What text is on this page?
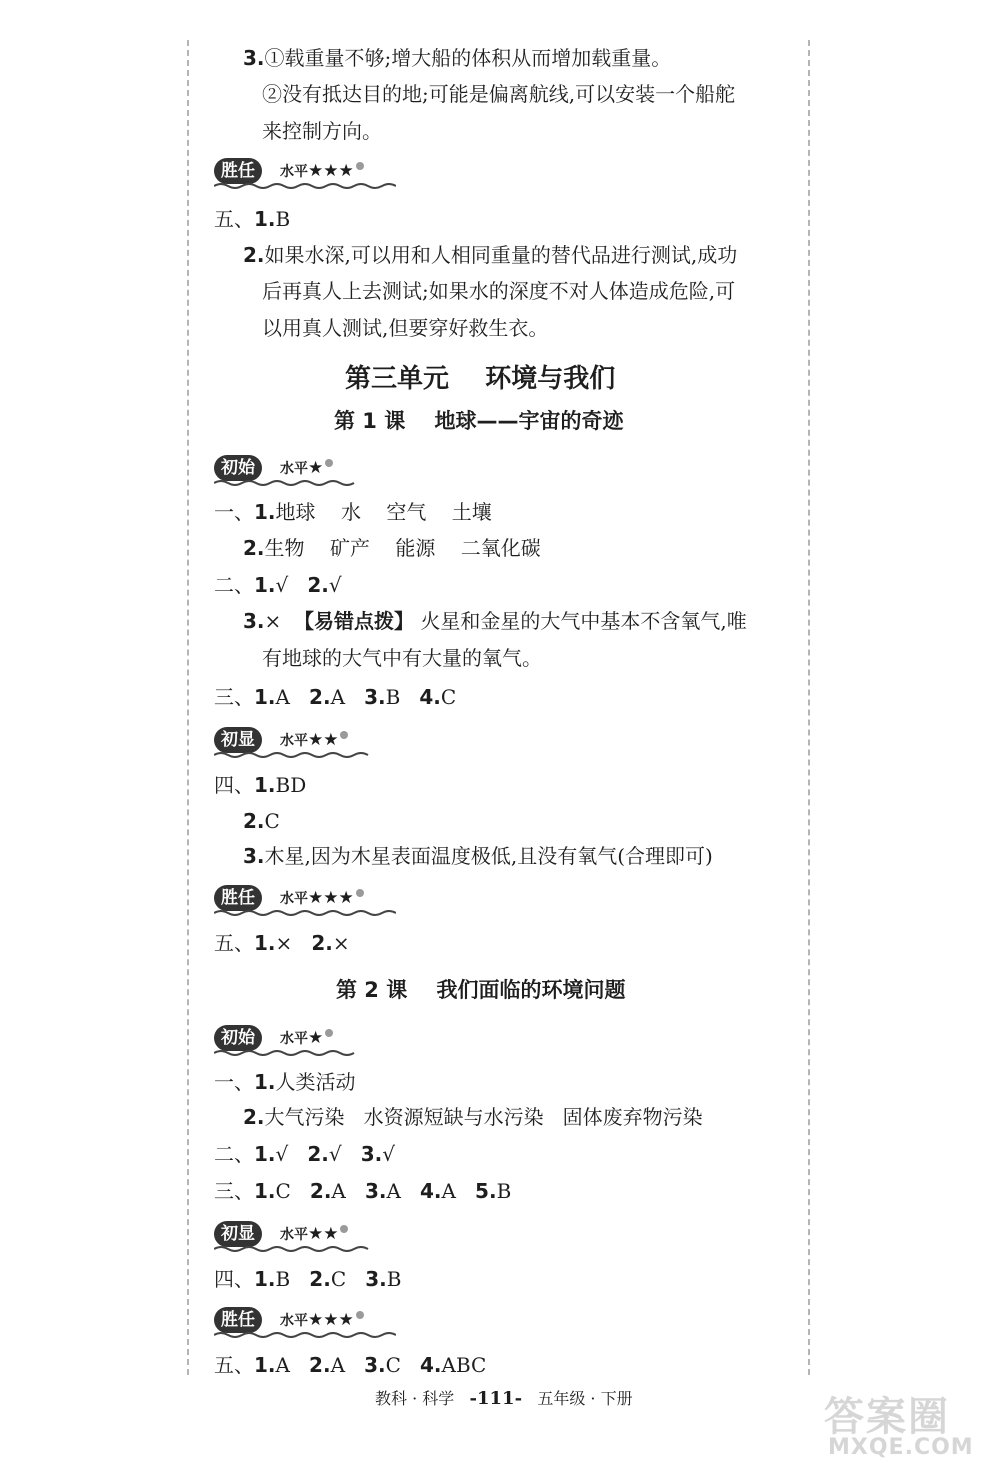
3.①载重量不够;增大船的体积从而增加载重量。
②没有抵达目的地;可能是偏离航线,可以安装一个船舵
来控制方向。
胜任	水平★★★
五、1.B
2.如果水深,可以用和人相同重量的替代品进行测试,成功
后再真人上去测试;如果水的深度不对人体造成危险,可
以用真人测试,但要穿好救生衣。
第三单元    环境与我们
第 1 课    地球——宇宙的奇迹
初始	水平★
一、1.地球    水    空气    土壤
2.生物    矿产    能源    二氧化碳
二、1.√ 2.√
3.× 【易错点拨】 火星和金星的大气中基本不含氧气,唯
有地球的大气中有大量的氧气。
三、1.A 2.A 3.B 4.C
初显	水平★★
四、1.BD
2.C
3.木星,因为木星表面温度极低,且没有氧气(合理即可)
胜任	水平★★★
五、1.× 2.×
第 2 课    我们面临的环境问题
初始	水平★
一、1.人类活动
2.大气污染   水资源短缺与水污染   固体废弃物污染
二、1.√ 2.√ 3.√
三、1.C 2.A 3.A 4.A 5.B
初显	水平★★
四、1.B 2.C 3.B
胜任	水平★★★
五、1.A 2.A 3.C 4.ABC
教科 · 科学 -111- 五年级 · 下册	答案圈
MXQE.COM
